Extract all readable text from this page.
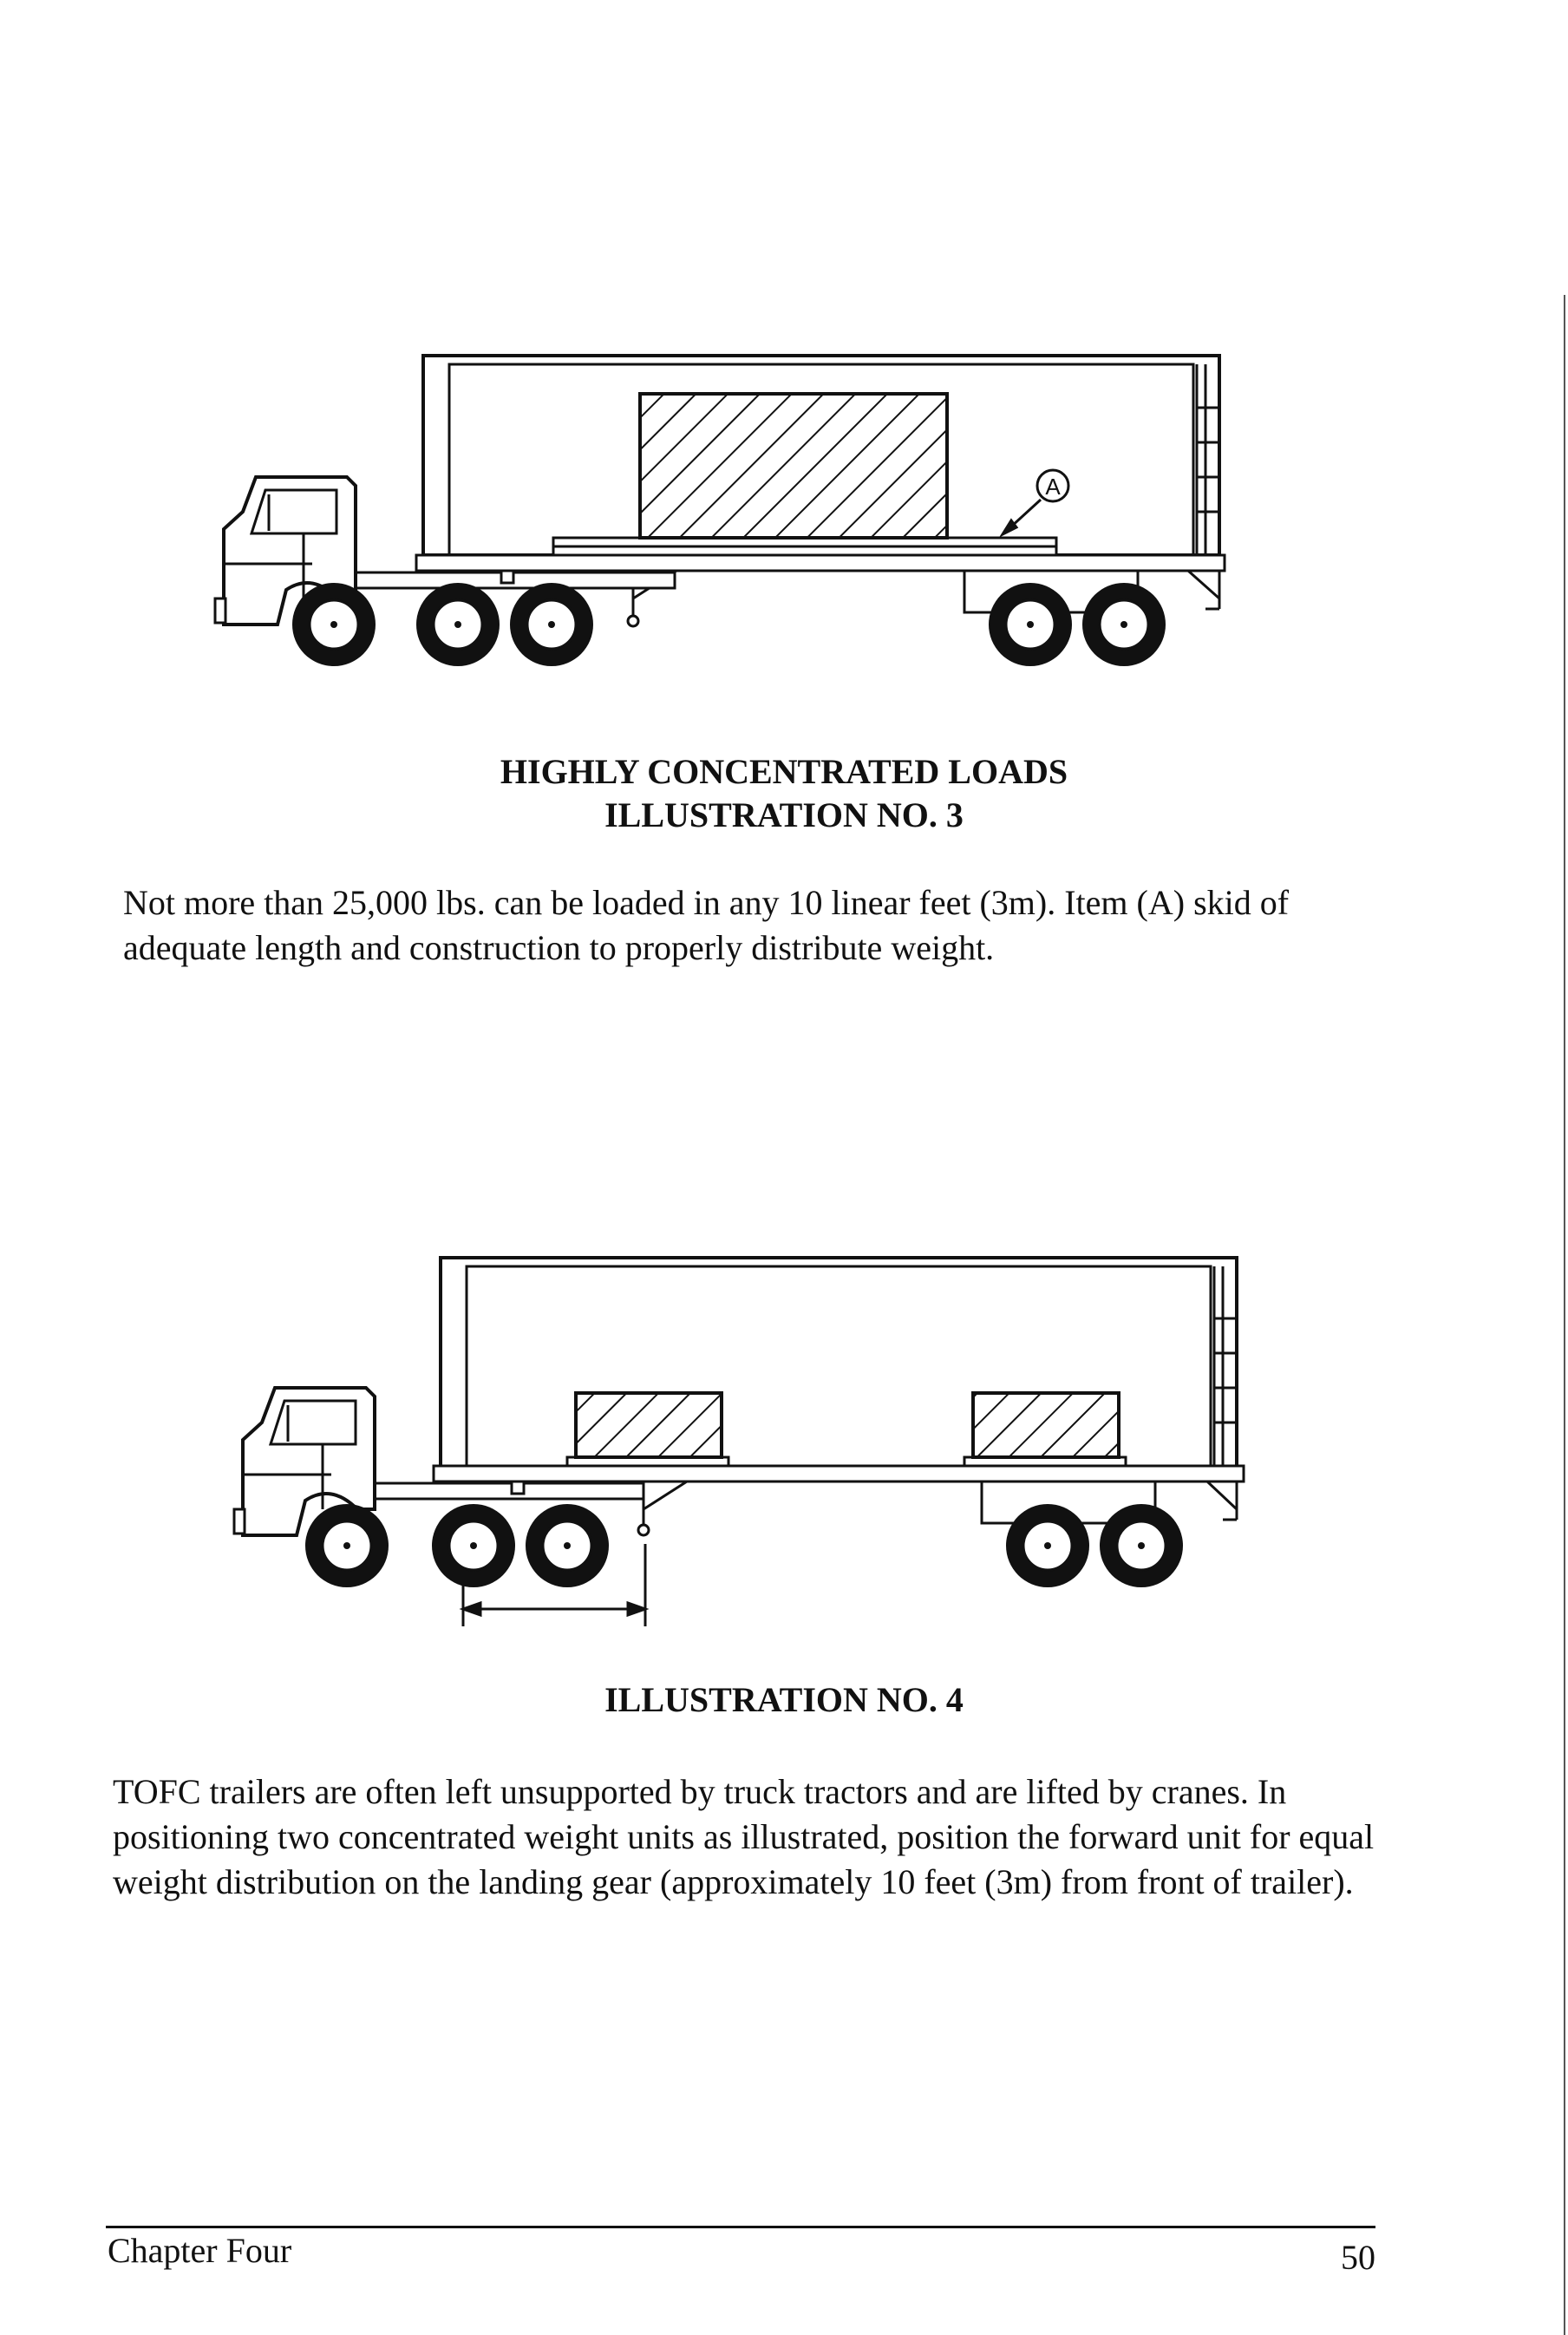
A

HIGHLY CONCENTRATED LOADS

ILLUSTRATION NO. 3

Not more than 25,000 lbs. can be loaded in any 10 linear feet (3m). Item (A) skid of adequate length and construction to properly distribute weight.

ILLUSTRATION NO. 4

TOFC trailers are often left unsupported by truck tractors and are lifted by cranes. In positioning two concentrated weight units as illustrated, position the forward unit for equal weight distribution on the landing gear (approximately 10 feet (3m) from front of trailer).

Chapter Four	50
